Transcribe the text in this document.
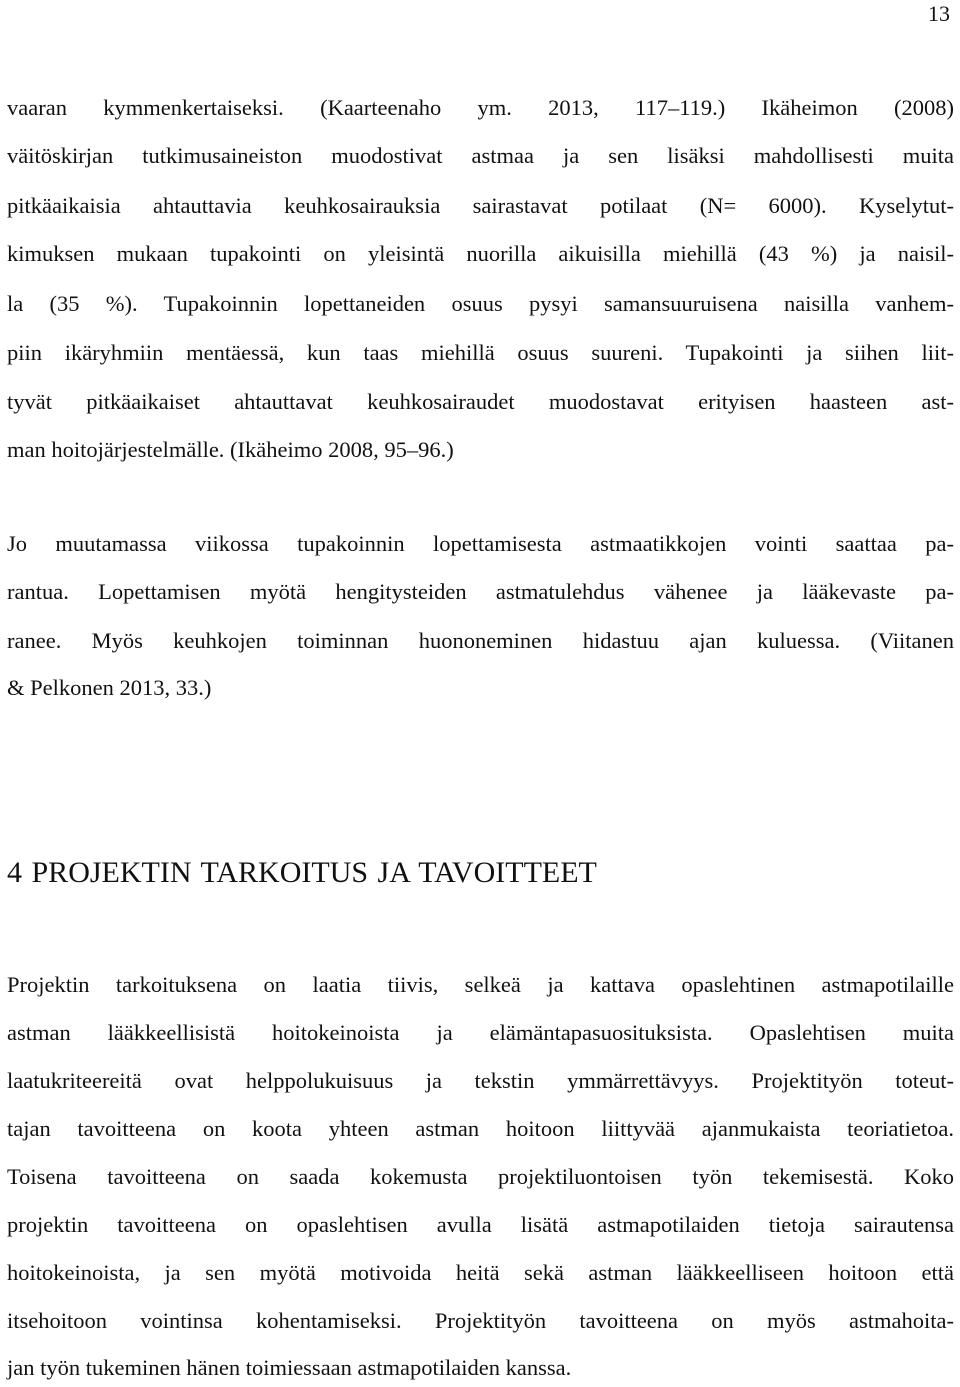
13
vaaran kymmenkertaiseksi. (Kaarteenaho ym. 2013, 117–119.) Ikäheimon (2008)
väitöskirjan tutkimusaineiston muodostivat astmaa ja sen lisäksi mahdollisesti muita
pitkäaikaisia ahtauttavia keuhkosairauksia sairastavat potilaat (N= 6000). Kyselytut-
kimuksen mukaan tupakointi on yleisintä nuorilla aikuisilla miehillä (43 %) ja naisil-
la (35 %). Tupakoinnin lopettaneiden osuus pysyi samansuuruisena naisilla vanhem-
piin ikäryhmiin mentäessä, kun taas miehillä osuus suureni. Tupakointi ja siihen liit-
tyvät pitkäaikaiset ahtauttavat keuhkosairaudet muodostavat erityisen haasteen ast-
man hoitojärjestelmälle. (Ikäheimo 2008, 95–96.)
Jo muutamassa viikossa tupakoinnin lopettamisesta astmaatikkojen vointi saattaa pa-
rantua. Lopettamisen myötä hengitysteiden astmatulehdus vähenee ja lääkevaste pa-
ranee. Myös keuhkojen toiminnan huononeminen hidastuu ajan kuluessa. (Viitanen
& Pelkonen 2013, 33.)
4 PROJEKTIN TARKOITUS JA TAVOITTEET
Projektin tarkoituksena on laatia tiivis, selkeä ja kattava opaslehtinen astmapotilaille
astman lääkkeellisistä hoitokeinoista ja elämäntapasuosituksista. Opaslehtisen muita
laatukriteereitä ovat helppolukuisuus ja tekstin ymmärrettävyys. Projektityön toteut-
tajan tavoitteena on koota yhteen astman hoitoon liittyvää ajanmukaista teoriatietoa.
Toisena tavoitteena on saada kokemusta projektiluontoisen työn tekemisestä. Koko
projektin tavoitteena on opaslehtisen avulla lisätä astmapotilaiden tietoja sairautensa
hoitokeinoista, ja sen myötä motivoida heitä sekä astman lääkkeelliseen hoitoon että
itsehoitoon vointinsa kohentamiseksi. Projektityön tavoitteena on myös astmahoita-
jan työn tukeminen hänen toimiessaan astmapotilaiden kanssa.
